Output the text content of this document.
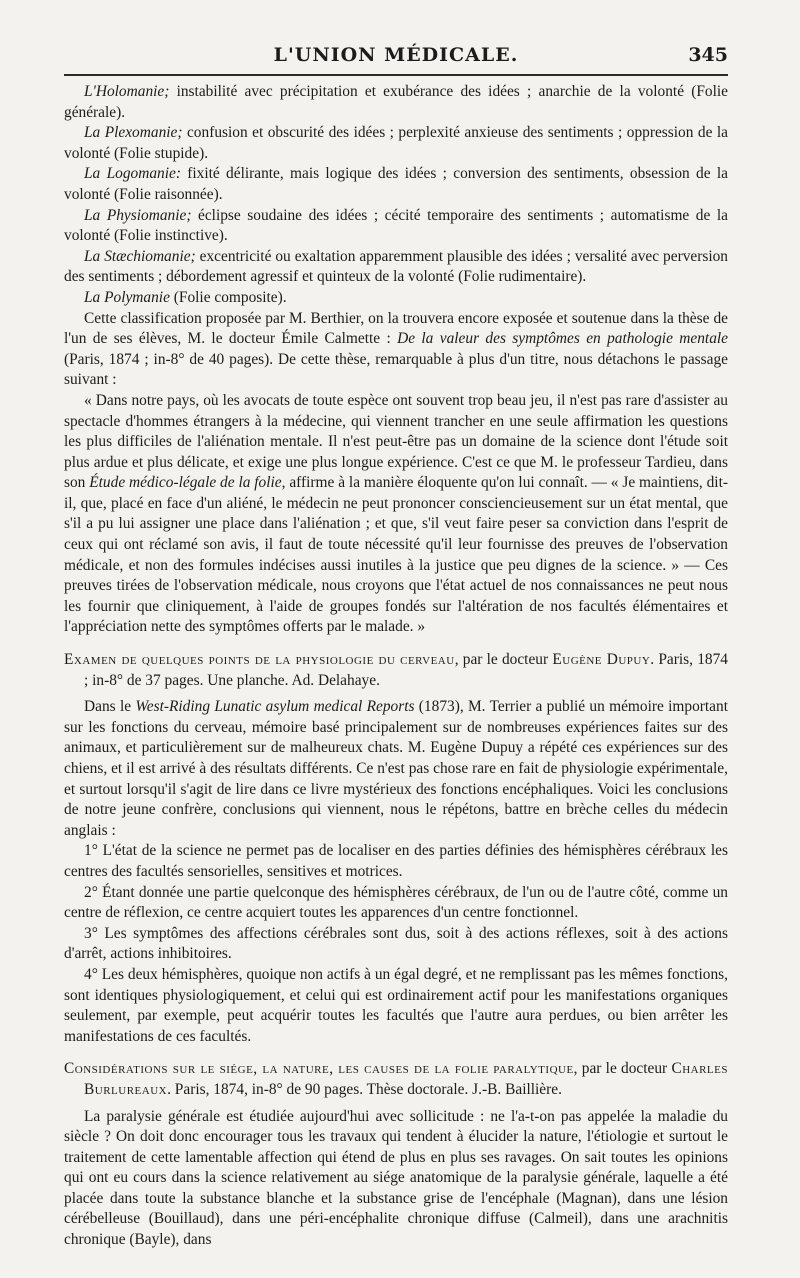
L'UNION MÉDICALE.	345

L'Holomanie; instabilité avec précipitation et exubérance des idées ; anarchie de la volonté (Folie générale).

La Plexomanie; confusion et obscurité des idées ; perplexité anxieuse des sentiments ; oppression de la volonté (Folie stupide).

La Logomanie: fixité délirante, mais logique des idées ; conversion des sentiments, obsession de la volonté (Folie raisonnée).

La Physiomanie; éclipse soudaine des idées ; cécité temporaire des sentiments ; automatisme de la volonté (Folie instinctive).

La Stæchiomanie; excentricité ou exaltation apparemment plausible des idées ; versalité avec perversion des sentiments ; débordement agressif et quinteux de la volonté (Folie rudimentaire).

La Polymanie (Folie composite).

Cette classification proposée par M. Berthier, on la trouvera encore exposée et soutenue dans la thèse de l'un de ses élèves, M. le docteur Émile Calmette : De la valeur des symptômes en pathologie mentale (Paris, 1874 ; in-8° de 40 pages). De cette thèse, remarquable à plus d'un titre, nous détachons le passage suivant :

« Dans notre pays, où les avocats de toute espèce ont souvent trop beau jeu, il n'est pas rare d'assister au spectacle d'hommes étrangers à la médecine, qui viennent trancher en une seule affirmation les questions les plus difficiles de l'aliénation mentale. Il n'est peut-être pas un domaine de la science dont l'étude soit plus ardue et plus délicate, et exige une plus longue expérience. C'est ce que M. le professeur Tardieu, dans son Étude médico-légale de la folie, affirme à la manière éloquente qu'on lui connaît. — « Je maintiens, dit-il, que, placé en face d'un aliéné, le médecin ne peut prononcer consciencieusement sur un état mental, que s'il a pu lui assigner une place dans l'aliénation ; et que, s'il veut faire peser sa conviction dans l'esprit de ceux qui ont réclamé son avis, il faut de toute nécessité qu'il leur fournisse des preuves de l'observation médicale, et non des formules indécises aussi inutiles à la justice que peu dignes de la science. » — Ces preuves tirées de l'observation médicale, nous croyons que l'état actuel de nos connaissances ne peut nous les fournir que cliniquement, à l'aide de groupes fondés sur l'altération de nos facultés élémentaires et l'appréciation nette des symptômes offerts par le malade. »

Examen de quelques points de la physiologie du cerveau, par le docteur Eugène Dupuy. Paris, 1874 ; in-8° de 37 pages. Une planche. Ad. Delahaye.

Dans le West-Riding Lunatic asylum medical Reports (1873), M. Terrier a publié un mémoire important sur les fonctions du cerveau, mémoire basé principalement sur de nombreuses expériences faites sur des animaux, et particulièrement sur de malheureux chats. M. Eugène Dupuy a répété ces expériences sur des chiens, et il est arrivé à des résultats différents. Ce n'est pas chose rare en fait de physiologie expérimentale, et surtout lorsqu'il s'agit de lire dans ce livre mystérieux des fonctions encéphaliques. Voici les conclusions de notre jeune confrère, conclusions qui viennent, nous le répétons, battre en brèche celles du médecin anglais :

1° L'état de la science ne permet pas de localiser en des parties définies des hémisphères cérébraux les centres des facultés sensorielles, sensitives et motrices.

2° Étant donnée une partie quelconque des hémisphères cérébraux, de l'un ou de l'autre côté, comme un centre de réflexion, ce centre acquiert toutes les apparences d'un centre fonctionnel.

3° Les symptômes des affections cérébrales sont dus, soit à des actions réflexes, soit à des actions d'arrêt, actions inhibitoires.

4° Les deux hémisphères, quoique non actifs à un égal degré, et ne remplissant pas les mêmes fonctions, sont identiques physiologiquement, et celui qui est ordinairement actif pour les manifestations organiques seulement, par exemple, peut acquérir toutes les facultés que l'autre aura perdues, ou bien arrêter les manifestations de ces facultés.

Considérations sur le siége, la nature, les causes de la folie paralytique, par le docteur Charles Burlureaux. Paris, 1874, in-8° de 90 pages. Thèse doctorale. J.-B. Baillière.

La paralysie générale est étudiée aujourd'hui avec sollicitude : ne l'a-t-on pas appelée la maladie du siècle ? On doit donc encourager tous les travaux qui tendent à élucider la nature, l'étiologie et surtout le traitement de cette lamentable affection qui étend de plus en plus ses ravages. On sait toutes les opinions qui ont eu cours dans la science relativement au siége anatomique de la paralysie générale, laquelle a été placée dans toute la substance blanche et la substance grise de l'encéphale (Magnan), dans une lésion cérébelleuse (Bouillaud), dans une péri-encéphalite chronique diffuse (Calmeil), dans une arachnitis chronique (Bayle), dans
